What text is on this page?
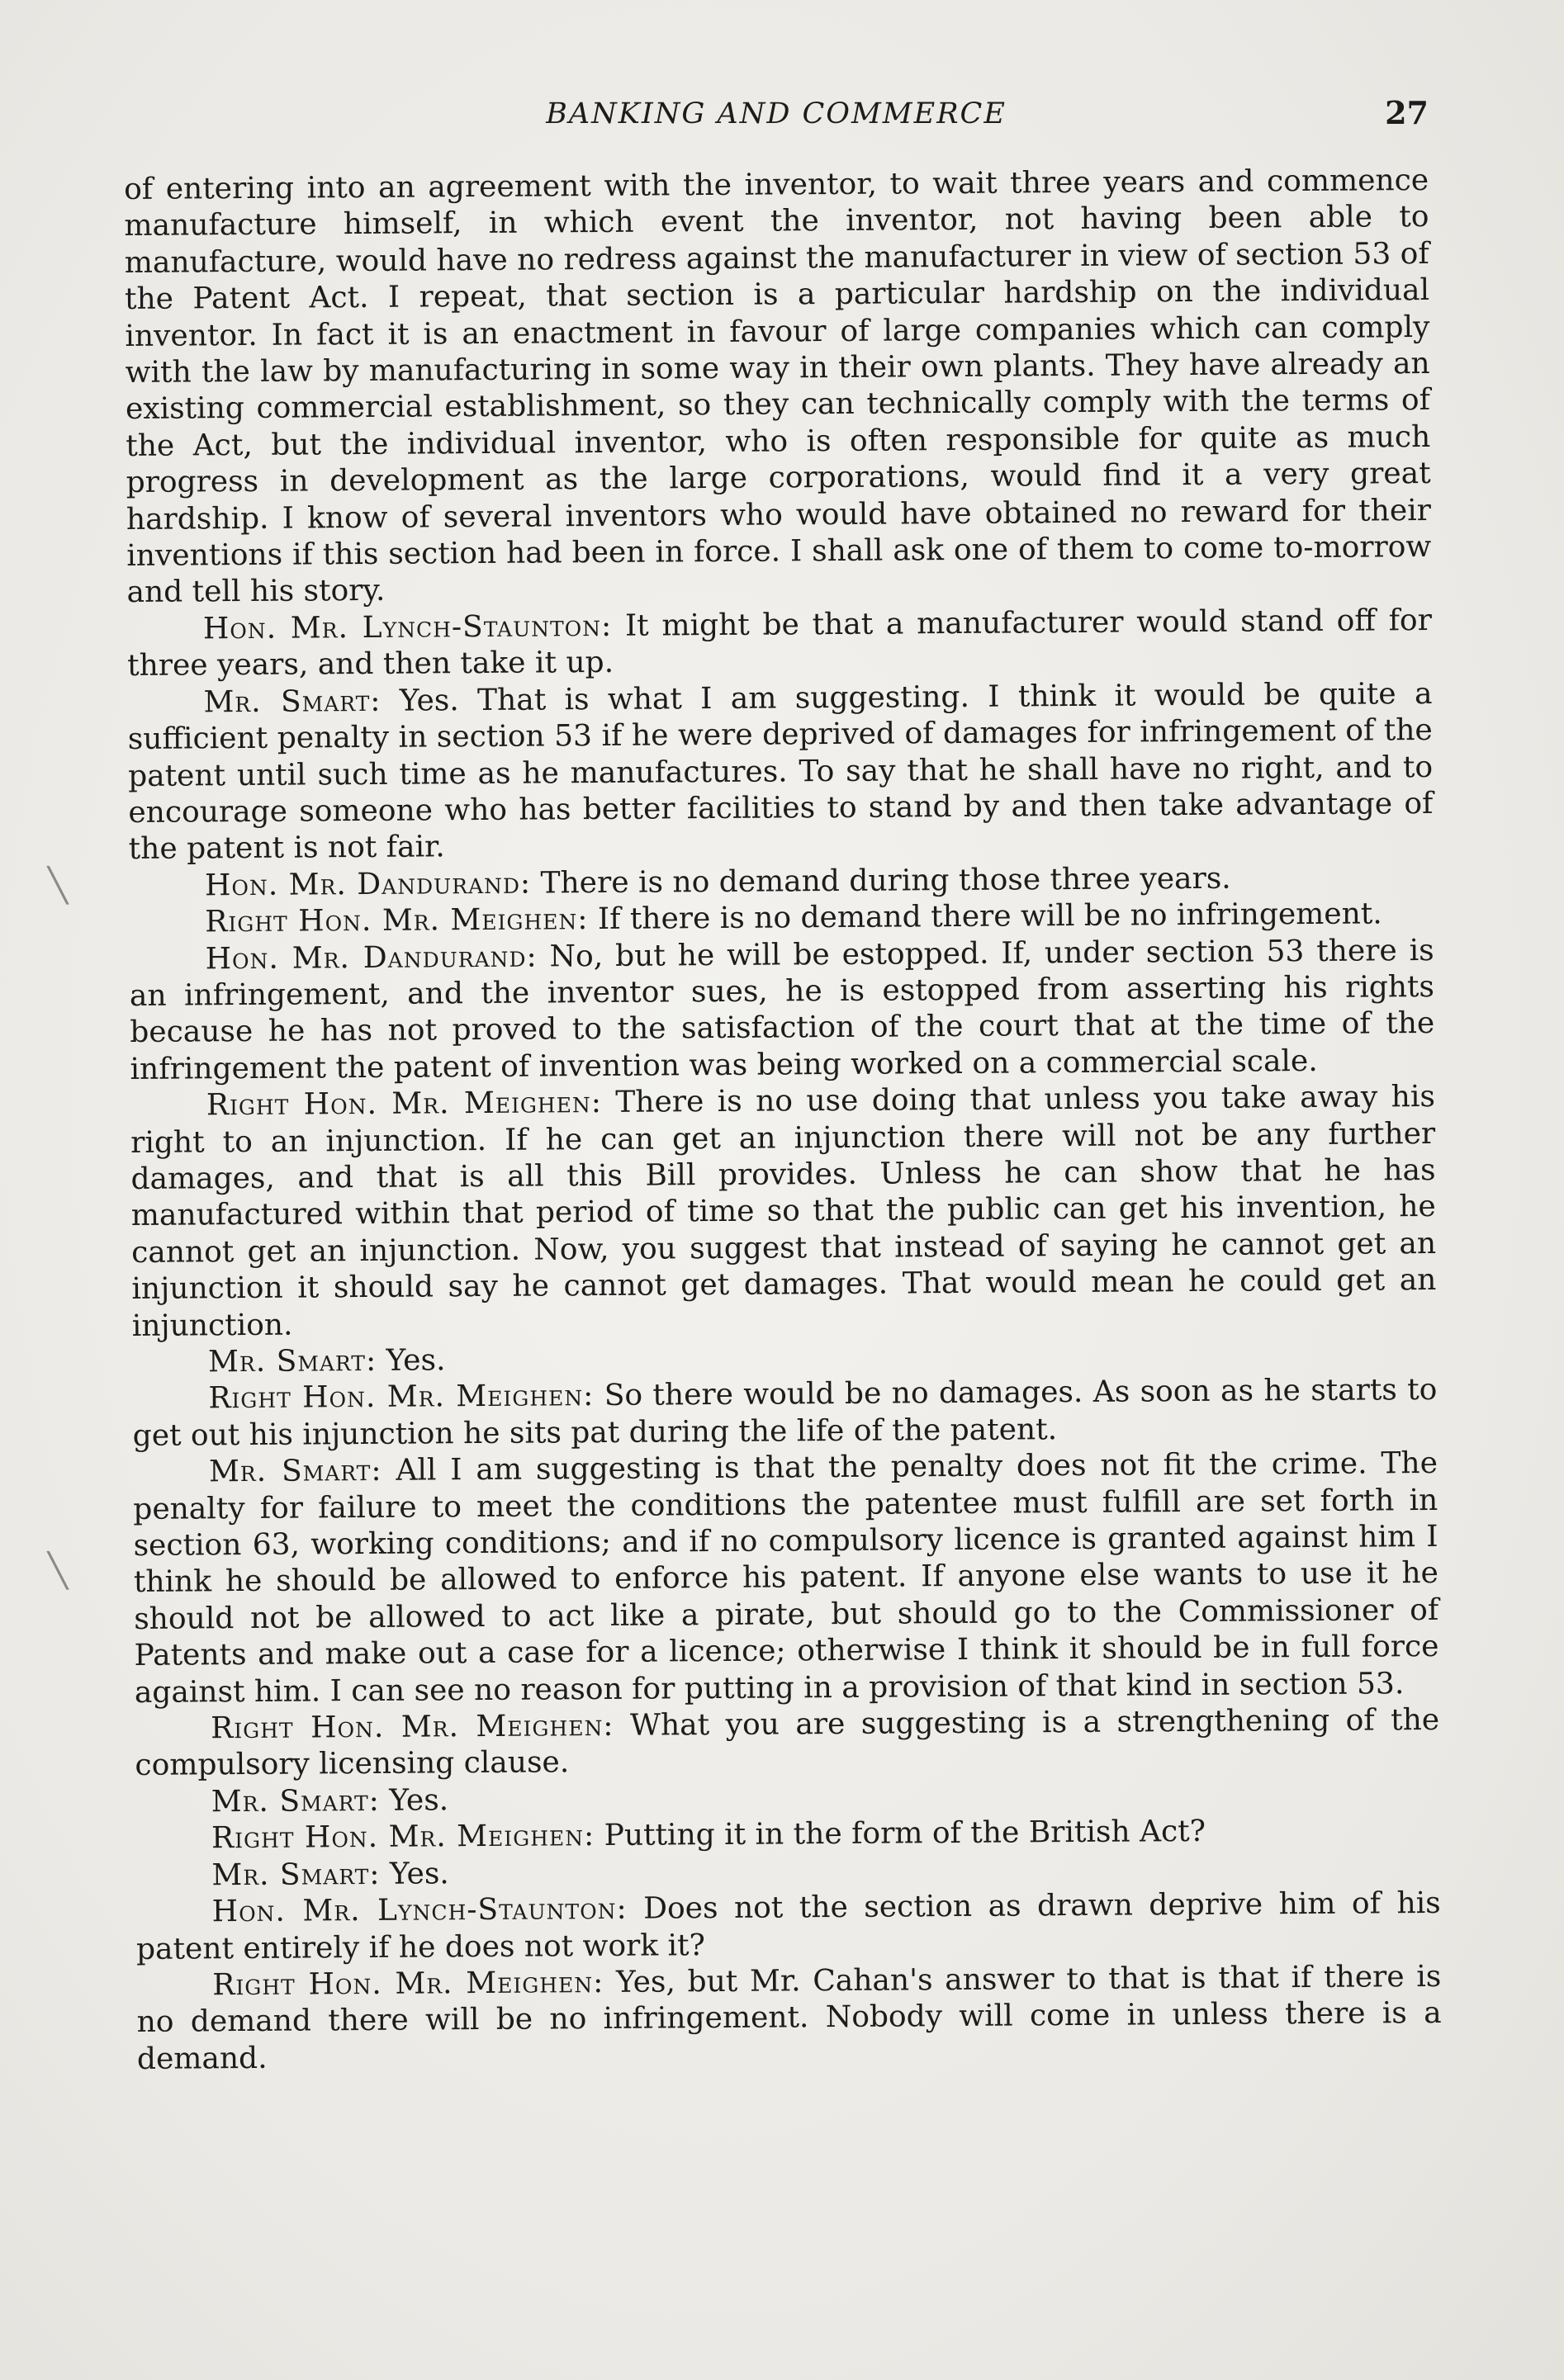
BANKING AND COMMERCE	27
╲
╲

of entering into an agreement with the inventor, to wait three years and commence manufacture himself, in which event the inventor, not having been able to manufacture, would have no redress against the manufacturer in view of section 53 of the Patent Act. I repeat, that section is a particular hardship on the individual inventor. In fact it is an enactment in favour of large companies which can comply with the law by manufacturing in some way in their own plants. They have already an existing commercial establishment, so they can technically comply with the terms of the Act, but the individual inventor, who is often responsible for quite as much progress in development as the large corporations, would find it a very great hardship. I know of several inventors who would have obtained no reward for their inventions if this section had been in force. I shall ask one of them to come to-morrow and tell his story.

Hon. Mr. Lynch-Staunton: It might be that a manufacturer would stand off for three years, and then take it up.

Mr. Smart: Yes. That is what I am suggesting. I think it would be quite a sufficient penalty in section 53 if he were deprived of damages for infringement of the patent until such time as he manufactures. To say that he shall have no right, and to encourage someone who has better facilities to stand by and then take advantage of the patent is not fair.

Hon. Mr. Dandurand: There is no demand during those three years.

Right Hon. Mr. Meighen: If there is no demand there will be no infringement.

Hon. Mr. Dandurand: No, but he will be estopped. If, under section 53 there is an infringement, and the inventor sues, he is estopped from asserting his rights because he has not proved to the satisfaction of the court that at the time of the infringement the patent of invention was being worked on a commercial scale.

Right Hon. Mr. Meighen: There is no use doing that unless you take away his right to an injunction. If he can get an injunction there will not be any further damages, and that is all this Bill provides. Unless he can show that he has manufactured within that period of time so that the public can get his invention, he cannot get an injunction. Now, you suggest that instead of saying he cannot get an injunction it should say he cannot get damages. That would mean he could get an injunction.

Mr. Smart: Yes.

Right Hon. Mr. Meighen: So there would be no damages. As soon as he starts to get out his injunction he sits pat during the life of the patent.

Mr. Smart: All I am suggesting is that the penalty does not fit the crime. The penalty for failure to meet the conditions the patentee must fulfill are set forth in section 63, working conditions; and if no compulsory licence is granted against him I think he should be allowed to enforce his patent. If anyone else wants to use it he should not be allowed to act like a pirate, but should go to the Commissioner of Patents and make out a case for a licence; otherwise I think it should be in full force against him. I can see no reason for putting in a provision of that kind in section 53.

Right Hon. Mr. Meighen: What you are suggesting is a strengthening of the compulsory licensing clause.

Mr. Smart: Yes.

Right Hon. Mr. Meighen: Putting it in the form of the British Act?

Mr. Smart: Yes.

Hon. Mr. Lynch-Staunton: Does not the section as drawn deprive him of his patent entirely if he does not work it?

Right Hon. Mr. Meighen: Yes, but Mr. Cahan's answer to that is that if there is no demand there will be no infringement. Nobody will come in unless there is a demand.
